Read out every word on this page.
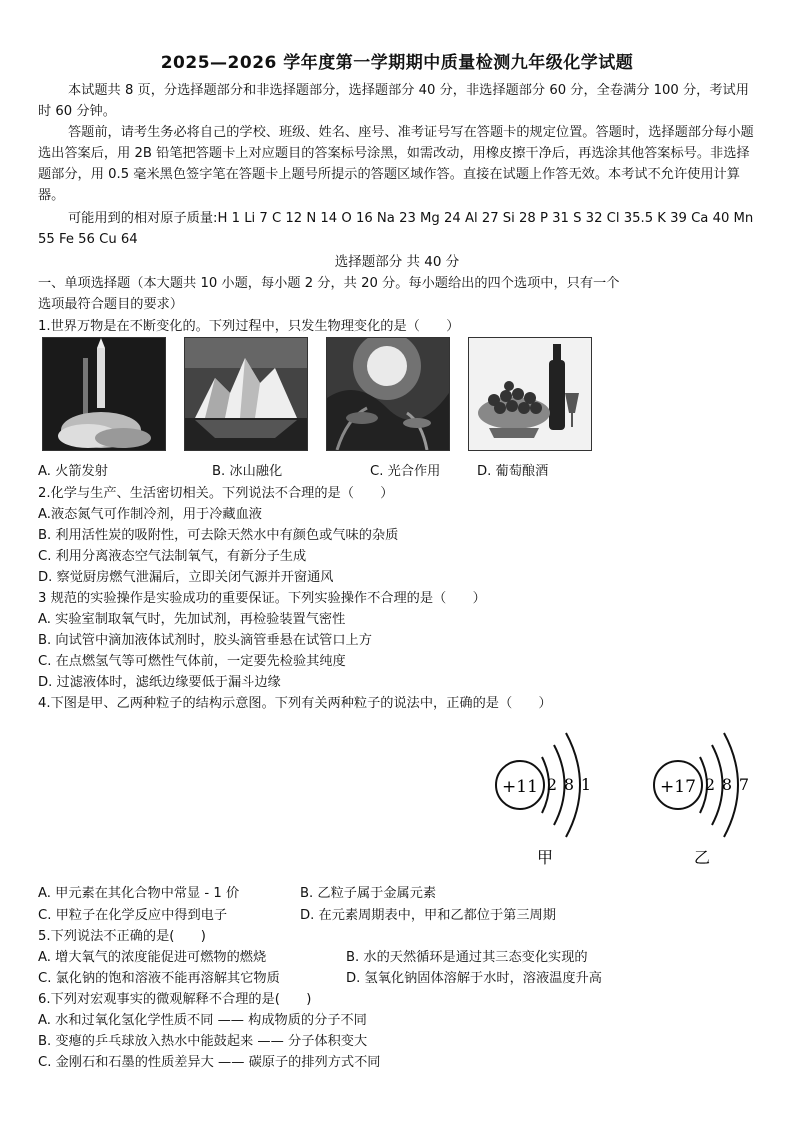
2025—2026 学年度第一学期期中质量检测九年级化学试题

本试题共 8 页，分选择题部分和非选择题部分，选择题部分 40 分，非选择题部分 60 分，全卷满分 100 分，考试用时 60 分钟。

答题前，请考生务必将自己的学校、班级、姓名、座号、准考证号写在答题卡的规定位置。答题时，选择题部分每小题选出答案后，用 2B 铅笔把答题卡上对应题目的答案标号涂黑，如需改动，用橡皮擦干净后，再选涂其他答案标号。非选择题部分，用 0.5 毫米黑色签字笔在答题卡上题号所提示的答题区域作答。直接在试题上作答无效。本考试不允许使用计算器。

可能用到的相对原子质量:H 1 Li 7 C 12 N 14 O 16 Na 23 Mg 24 Al 27 Si 28 P 31 S 32 Cl 35.5 K 39 Ca 40 Mn 55 Fe 56 Cu 64

选择题部分 共 40 分
一、单项选择题（本大题共 10 小题，每小题 2 分，共 20 分。每小题给出的四个选项中，只有一个
选项最符合题目的要求）
1.世界万物是在不断变化的。下列过程中，只发生物理变化的是（　　）
A. 火箭发射	B. 冰山融化	C. 光合作用	D. 葡萄酿酒
2.化学与生产、生活密切相关。下列说法不合理的是（　　）
A.液态氮气可作制冷剂，用于冷藏血液
B. 利用活性炭的吸附性，可去除天然水中有颜色或气味的杂质
C. 利用分离液态空气法制氧气，有新分子生成
D. 察觉厨房燃气泄漏后，立即关闭气源并开窗通风
3 规范的实验操作是实验成功的重要保证。下列实验操作不合理的是（　　）
A. 实验室制取氧气时，先加试剂，再检验装置气密性
B. 向试管中滴加液体试剂时，胶头滴管垂悬在试管口上方
C. 在点燃氢气等可燃性气体前，一定要先检验其纯度
D. 过滤液体时，滤纸边缘要低于漏斗边缘
4.下图是甲、乙两种粒子的结构示意图。下列有关两种粒子的说法中，正确的是（　　）
+11 2 8 1
甲
+17 2 8 7
乙
A. 甲元素在其化合物中常显 - 1 价	B. 乙粒子属于金属元素
C. 甲粒子在化学反应中得到电子	D. 在元素周期表中，甲和乙都位于第三周期
5.下列说法不正确的是(　　)
A. 增大氧气的浓度能促进可燃物的燃烧	B. 水的天然循环是通过其三态变化实现的
C. 氯化钠的饱和溶液不能再溶解其它物质	D. 氢氧化钠固体溶解于水时，溶液温度升高
6.下列对宏观事实的微观解释不合理的是(　　)
A. 水和过氧化氢化学性质不同 —— 构成物质的分子不同
B. 变瘪的乒乓球放入热水中能鼓起来 —— 分子体积变大
C. 金刚石和石墨的性质差异大 —— 碳原子的排列方式不同
